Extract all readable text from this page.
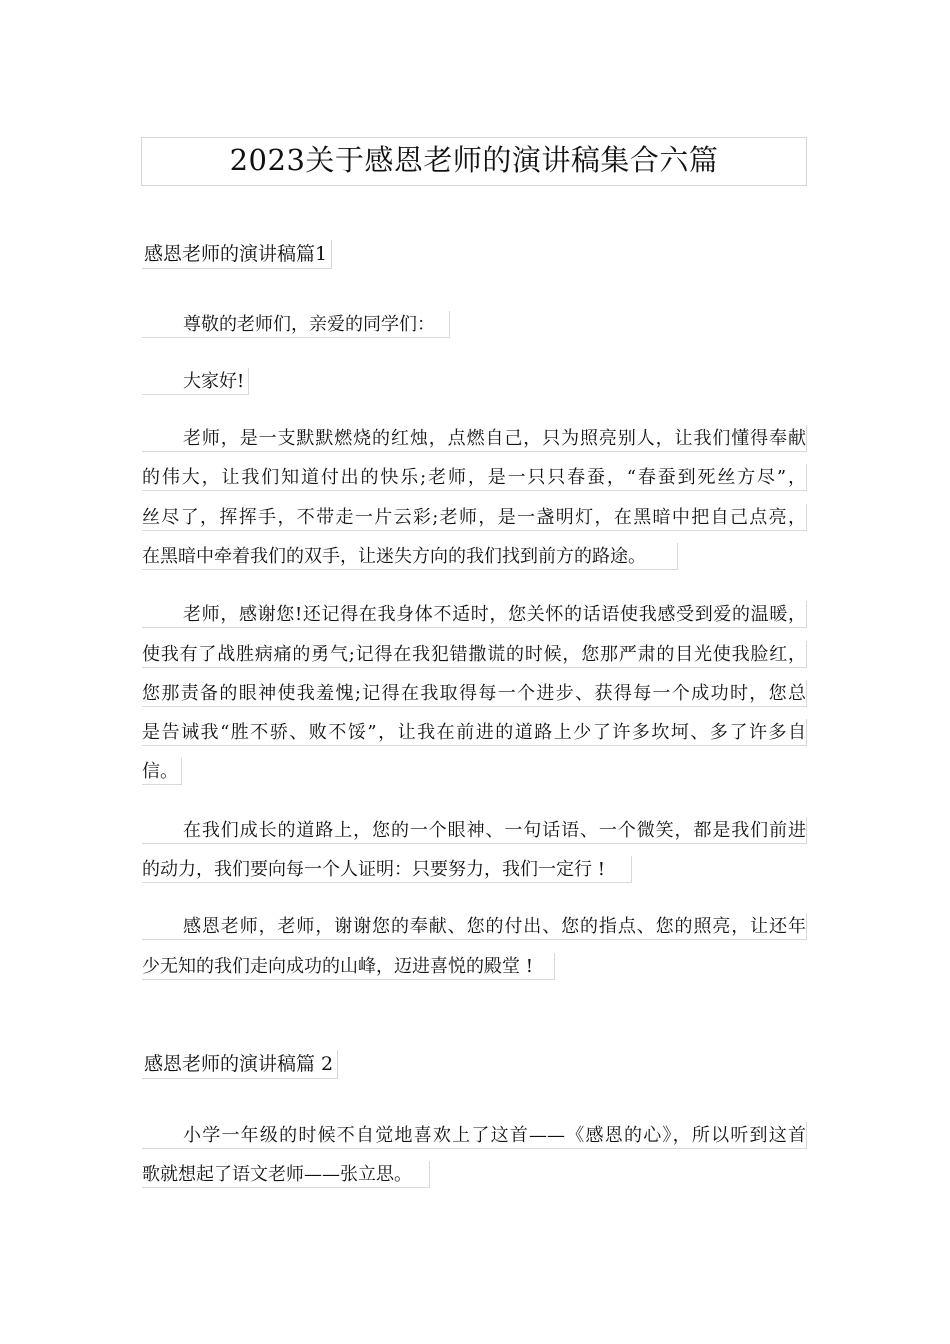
2023关于感恩老师的演讲稿集合六篇
感恩老师的演讲稿篇1
尊敬的老师们，亲爱的同学们：
大家好!
老师，是一支默默燃烧的红烛，点燃自己，只为照亮别人，让我们懂得奉献
的伟大，让我们知道付出的快乐;老师，是一只只春蚕，“春蚕到死丝方尽”，
丝尽了，挥挥手，不带走一片云彩;老师，是一盏明灯，在黑暗中把自己点亮，
在黑暗中牵着我们的双手，让迷失方向的我们找到前方的路途。
老师，感谢您!还记得在我身体不适时，您关怀的话语使我感受到爱的温暖，
使我有了战胜病痛的勇气;记得在我犯错撒谎的时候，您那严肃的目光使我脸红，
您那责备的眼神使我羞愧;记得在我取得每一个进步、获得每一个成功时，您总
是告诫我“胜不骄、败不馁”，让我在前进的道路上少了许多坎坷、多了许多自
信。
在我们成长的道路上，您的一个眼神、一句话语、一个微笑，都是我们前进
的动力，我们要向每一个人证明：只要努力，我们一定行 !
感恩老师，老师，谢谢您的奉献、您的付出、您的指点、您的照亮，让还年
少无知的我们走向成功的山峰，迈进喜悦的殿堂 !
感恩老师的演讲稿篇 2
小学一年级的时候不自觉地喜欢上了这首——《感恩的心》，所以听到这首
歌就想起了语文老师——张立思。
